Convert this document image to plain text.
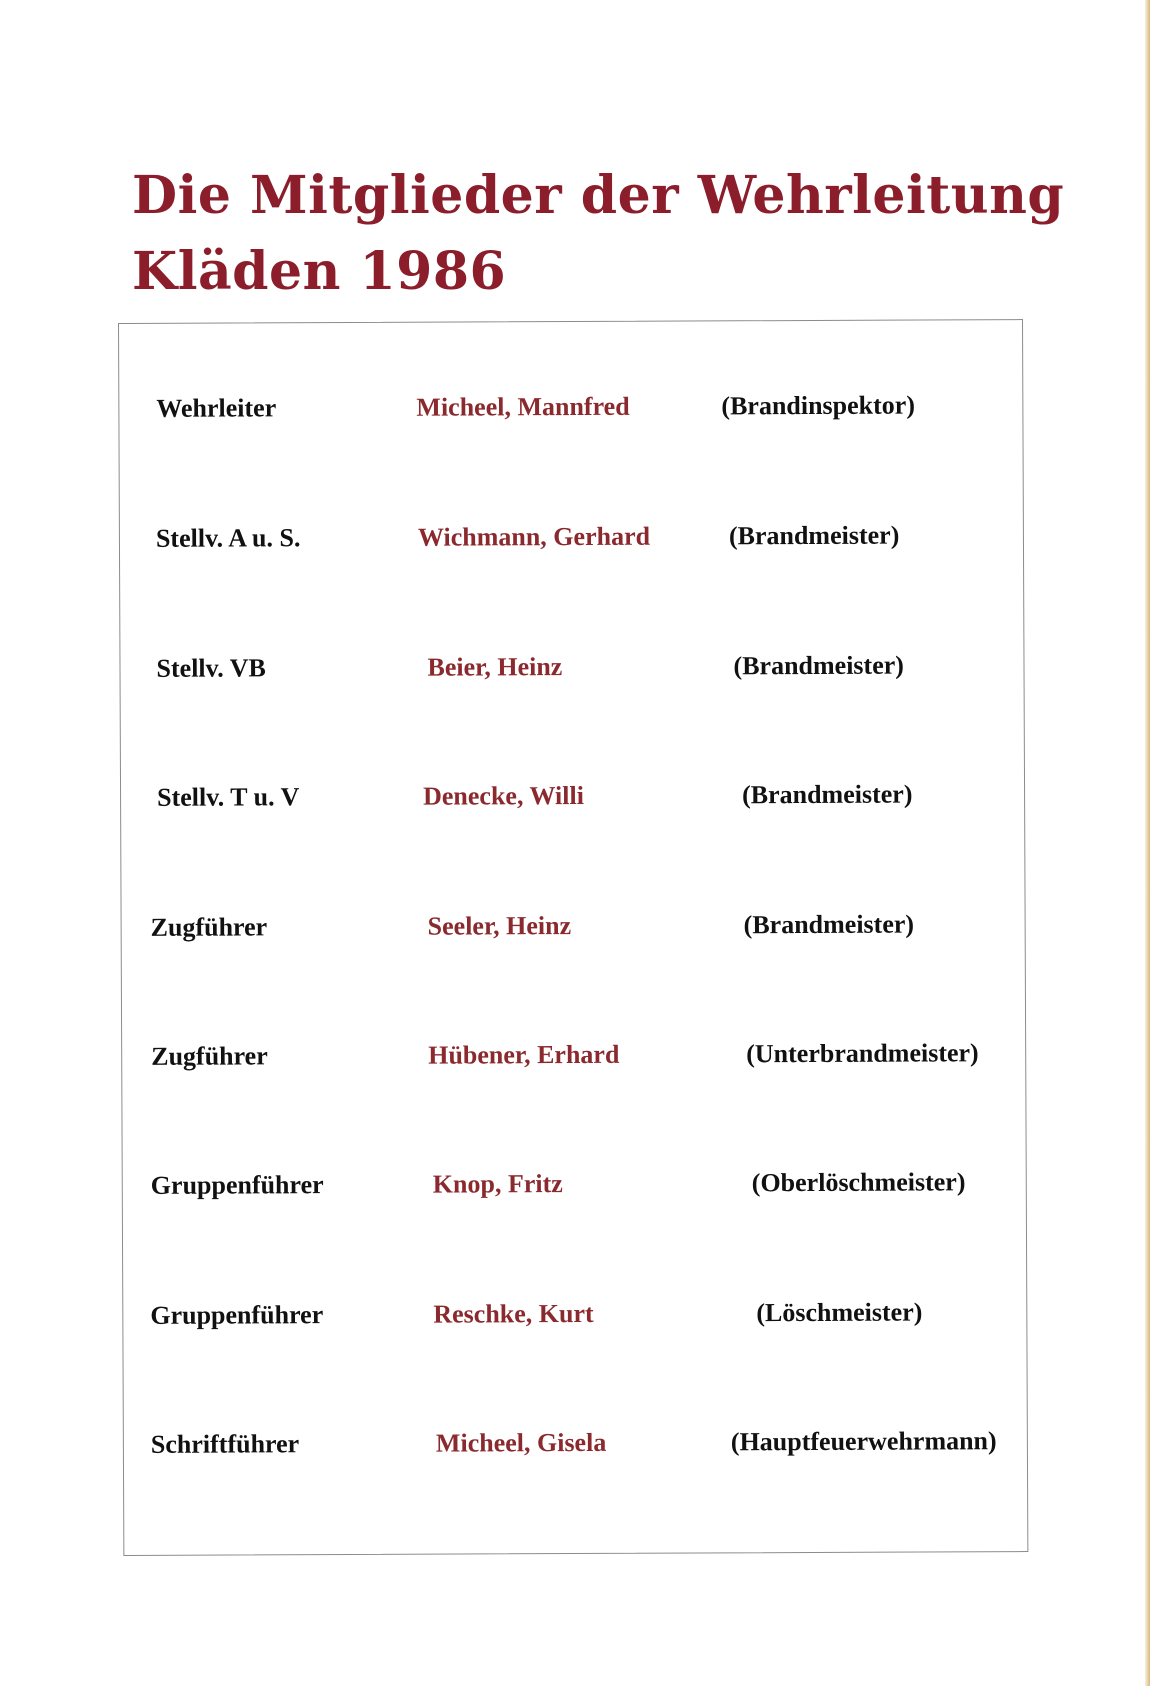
Die Mitglieder der Wehrleitung
Kläden 1986
Wehrleiter	Micheel, Mannfred	(Brandinspektor)
Stellv. A u. S.	Wichmann, Gerhard	(Brandmeister)
Stellv. VB	Beier, Heinz	(Brandmeister)
Stellv. T u. V	Denecke, Willi	(Brandmeister)
Zugführer	Seeler, Heinz	(Brandmeister)
Zugführer	Hübener, Erhard	(Unterbrandmeister)
Gruppenführer	Knop, Fritz	(Oberlöschmeister)
Gruppenführer	Reschke, Kurt	(Löschmeister)
Schriftführer	Micheel, Gisela	(Hauptfeuerwehrmann)
